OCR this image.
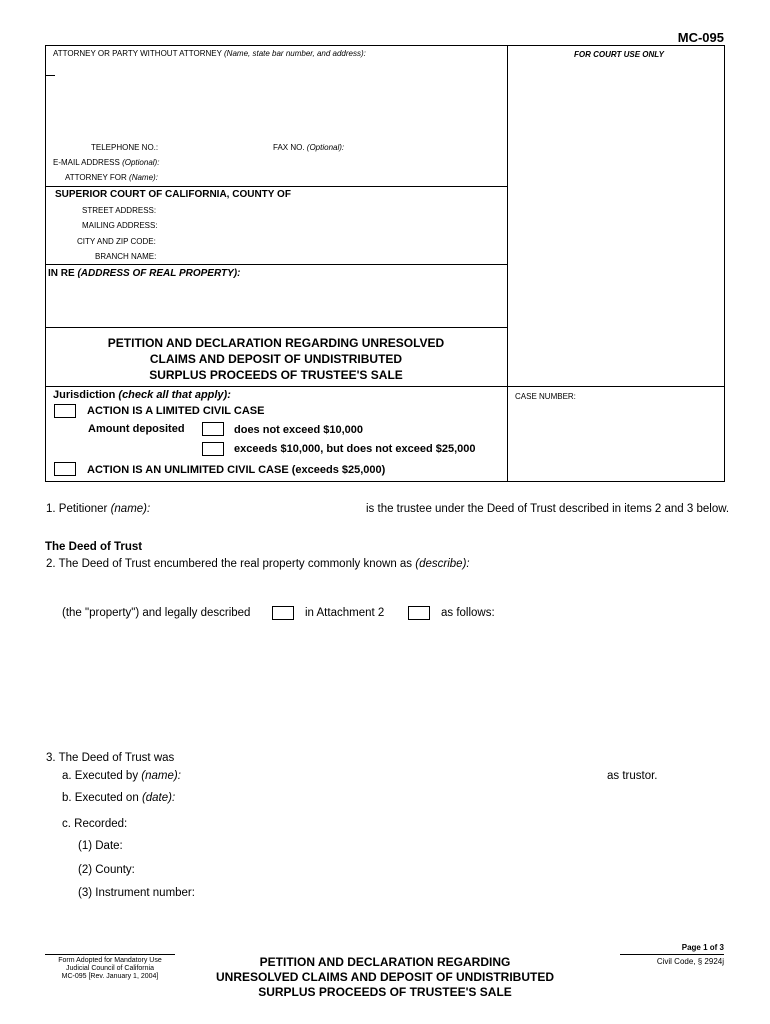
MC-095
ATTORNEY OR PARTY WITHOUT ATTORNEY (Name, state bar number, and address):	FOR COURT USE ONLY
TELEPHONE NO.:	FAX NO. (Optional):
E-MAIL ADDRESS (Optional):
ATTORNEY FOR (Name):
SUPERIOR COURT OF CALIFORNIA, COUNTY OF
STREET ADDRESS:
MAILING ADDRESS:
CITY AND ZIP CODE:
BRANCH NAME:
IN RE (ADDRESS OF REAL PROPERTY):
PETITION AND DECLARATION REGARDING UNRESOLVED
CLAIMS AND DEPOSIT OF UNDISTRIBUTED
SURPLUS PROCEEDS OF TRUSTEE'S SALE
Jurisdiction (check all that apply):
ACTION IS A LIMITED CIVIL CASE
Amount deposited	does not exceed $10,000
exceeds $10,000, but does not exceed $25,000
ACTION IS AN UNLIMITED CIVIL CASE (exceeds $25,000)
CASE NUMBER:
1. Petitioner (name):	is the trustee under the Deed of Trust described in items 2 and 3 below.
The Deed of Trust
2. The Deed of Trust encumbered the real property commonly known as (describe):
(the "property") and legally described	in Attachment 2	as follows:
3. The Deed of Trust was
a. Executed by (name):	as trustor.
b. Executed on (date):
c. Recorded:
(1) Date:
(2) County:
(3) Instrument number:
Form Adopted for Mandatory Use
Judicial Council of California
MC-095 [Rev. January 1, 2004]
PETITION AND DECLARATION REGARDING
UNRESOLVED CLAIMS AND DEPOSIT OF UNDISTRIBUTED
SURPLUS PROCEEDS OF TRUSTEE'S SALE
Page 1 of 3
Civil Code, § 2924j
